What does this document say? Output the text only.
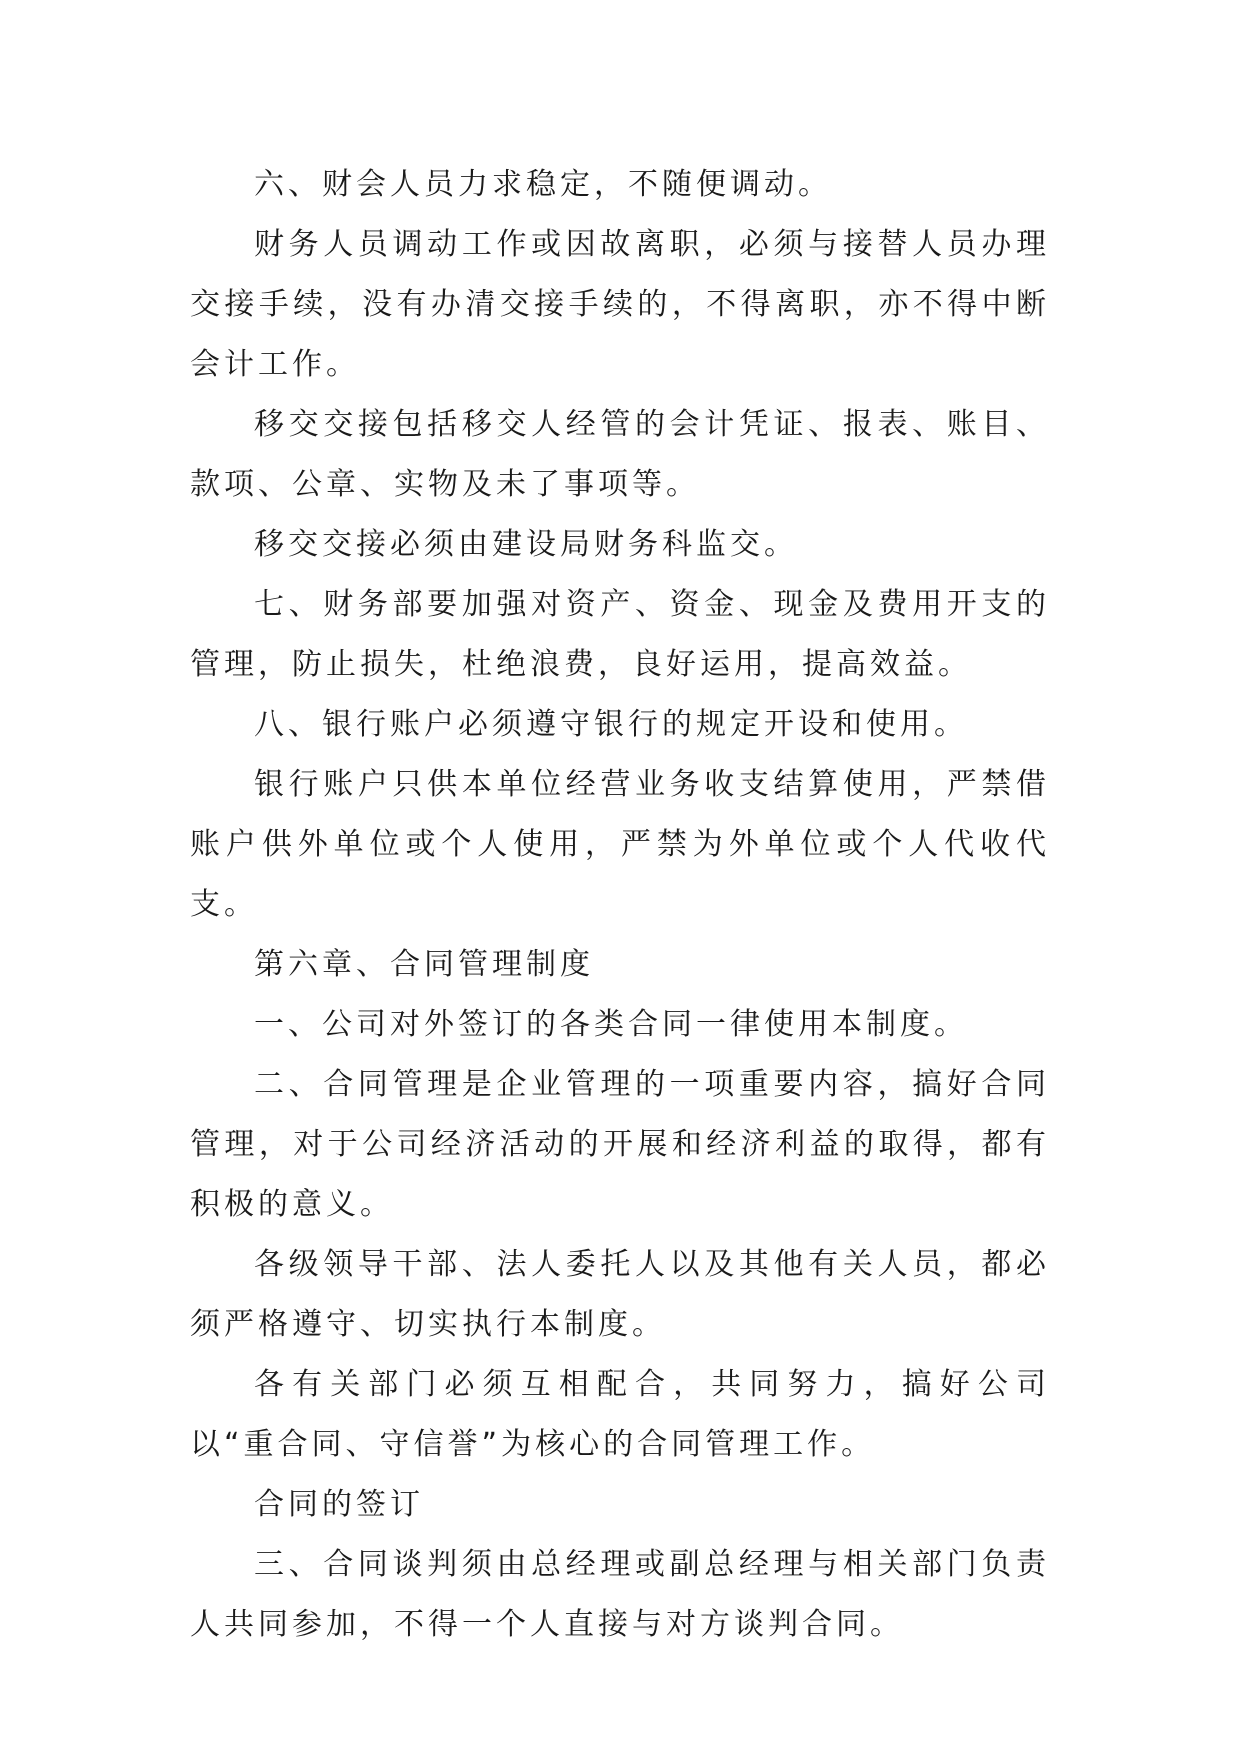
六、财会人员力求稳定，不随便调动。

财务人员调动工作或因故离职，必须与接替人员办理交接手续，没有办清交接手续的，不得离职，亦不得中断会计工作。

移交交接包括移交人经管的会计凭证、报表、账目、款项、公章、实物及未了事项等。

移交交接必须由建设局财务科监交。

七、财务部要加强对资产、资金、现金及费用开支的管理，防止损失，杜绝浪费，良好运用，提高效益。

八、银行账户必须遵守银行的规定开设和使用。

银行账户只供本单位经营业务收支结算使用，严禁借账户供外单位或个人使用，严禁为外单位或个人代收代支。

第六章、合同管理制度

一、公司对外签订的各类合同一律使用本制度。

二、合同管理是企业管理的一项重要内容，搞好合同管理，对于公司经济活动的开展和经济利益的取得，都有积极的意义。

各级领导干部、法人委托人以及其他有关人员，都必须严格遵守、切实执行本制度。

各有关部门必须互相配合，共同努力，搞好公司以“重合同、守信誉”为核心的合同管理工作。

合同的签订

三、合同谈判须由总经理或副总经理与相关部门负责人共同参加，不得一个人直接与对方谈判合同。
